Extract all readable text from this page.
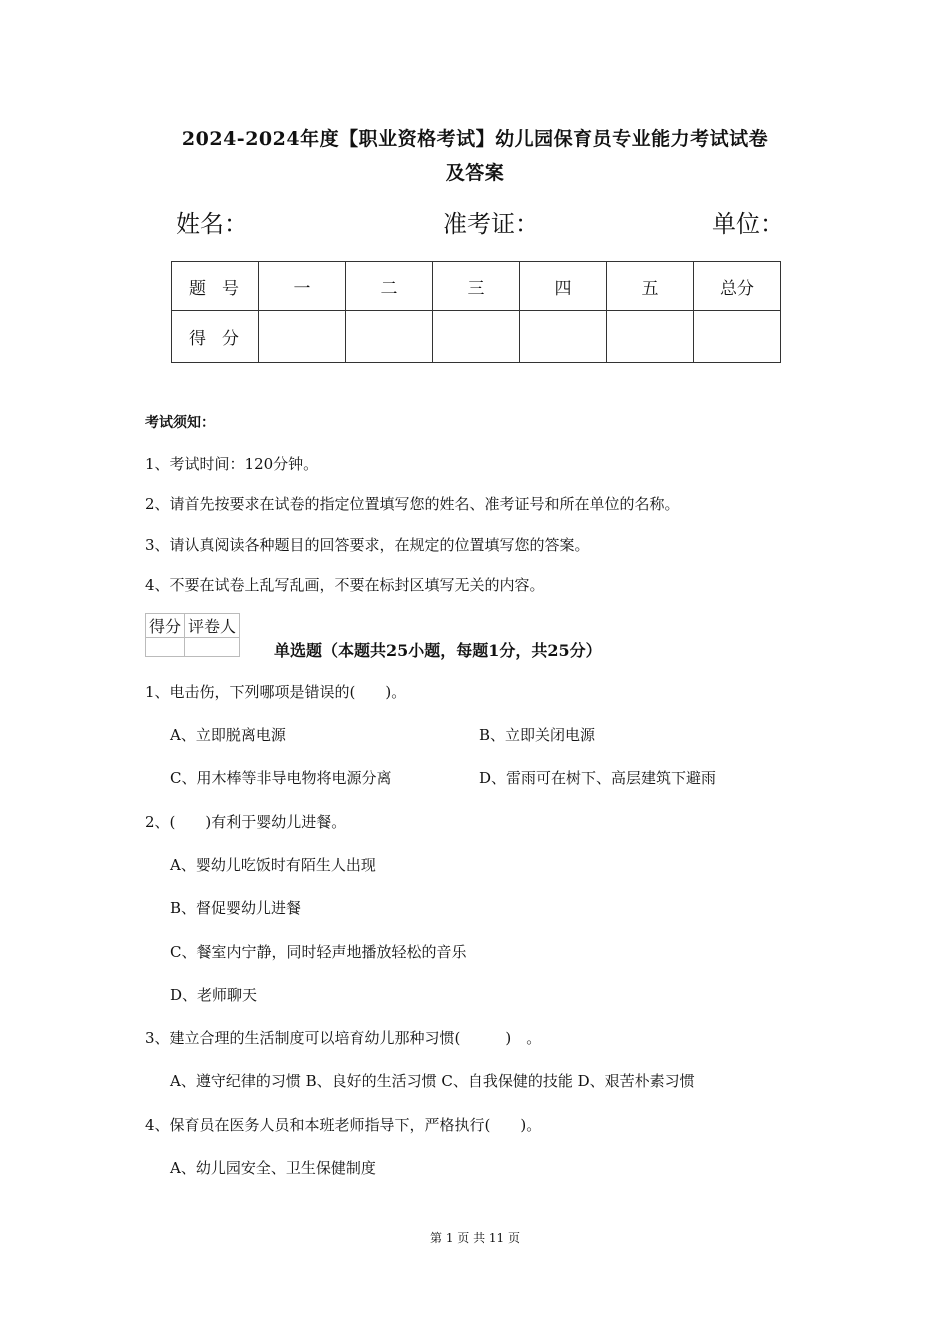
2024-2024年度【职业资格考试】幼儿园保育员专业能力考试试卷
及答案
姓名：	准考证：	单位：
题号	一	二	三	四	五	总分
得分						
考试须知：
1、考试时间：120分钟。
2、请首先按要求在试卷的指定位置填写您的姓名、准考证号和所在单位的名称。
3、请认真阅读各种题目的回答要求，在规定的位置填写您的答案。
4、不要在试卷上乱写乱画，不要在标封区填写无关的内容。
得分	评卷人

单选题（本题共25小题，每题1分，共25分）
1、电击伤，下列哪项是错误的(　　)。
A、立即脱离电源	B、立即关闭电源
C、用木棒等非导电物将电源分离	D、雷雨可在树下、高层建筑下避雨
2、(　　)有利于婴幼儿进餐。
A、婴幼儿吃饭时有陌生人出现
B、督促婴幼儿进餐
C、餐室内宁静，同时轻声地播放轻松的音乐
D、老师聊天
3、建立合理的生活制度可以培育幼儿那种习惯(　　　)　。
A、遵守纪律的习惯 B、良好的生活习惯 C、自我保健的技能 D、艰苦朴素习惯
4、保育员在医务人员和本班老师指导下，严格执行(　　)。
A、幼儿园安全、卫生保健制度
第 1 页 共 11 页
